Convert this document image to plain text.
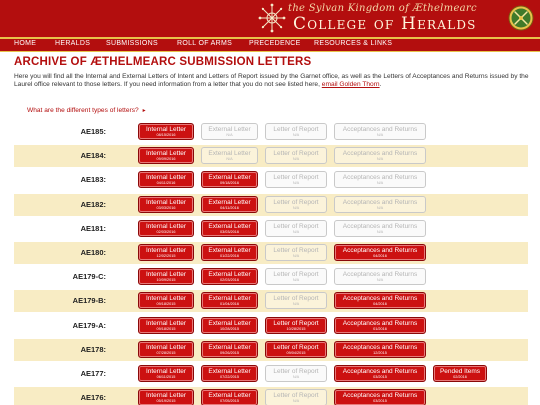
the Sylvan Kingdom of Æthelmearc
College of Heralds
HOME	HERALDS SUBMISSIONS	ROLL OF ARMS PRECEDENCE RESOURCES & LINKS
ARCHIVE OF ÆTHELMEARC SUBMISSION LETTERS
Here you will find all the Internal and External Letters of Intent and Letters of Report issued by the Garnet office, as well as the Letters of Acceptances and Returns issued by the Laurel office relevant to those letters. If you need information from a letter that you do not see listed here, email Golden Thorn.
What are the different types of letters? ▸
AE185:	Internal Letter
08/15/2016
External Letter
N/A
Letter of Report
N/A
Acceptances and Returns
N/A
AE184:	Internal Letter
09/09/2016
External Letter
N/A
Letter of Report
N/A
Acceptances and Returns
N/A
AE183:	Internal Letter
04/11/2016
External Letter
09/18/2016
Letter of Report
N/A
Acceptances and Returns
N/A
AE182:	Internal Letter
03/03/2016
External Letter
04/11/2016
Letter of Report
N/A
Acceptances and Returns
N/A
AE181:	Internal Letter
02/03/2016
External Letter
03/03/2016
Letter of Report
N/A
Acceptances and Returns
N/A
AE180:	Internal Letter
12/02/2015
External Letter
01/22/2016
Letter of Report
N/A
Acceptances and Returns
04/2016
AE179-C:	Internal Letter
10/09/2015
External Letter
02/03/2016
Letter of Report
N/A
Acceptances and Returns
N/A
AE179-B:	Internal Letter
09/18/2015
External Letter
01/04/2016
Letter of Report
N/A
Acceptances and Returns
04/2016
AE179-A:	Internal Letter
09/18/2015
External Letter
10/28/2015
Letter of Report
10/28/2015
Acceptances and Returns
01/2016
AE178:	Internal Letter
07/28/2015
External Letter
09/26/2015
Letter of Report
09/04/2015
Acceptances and Returns
12/2015
AE177:	Internal Letter
06/11/2015
External Letter
07/22/2015
Letter of Report
N/A
Acceptances and Returns
03/2015
Pended Items
02/2016
AE176:	Internal Letter
05/19/2015
External Letter
07/05/2015
Letter of Report
N/A
Acceptances and Returns
03/2015
